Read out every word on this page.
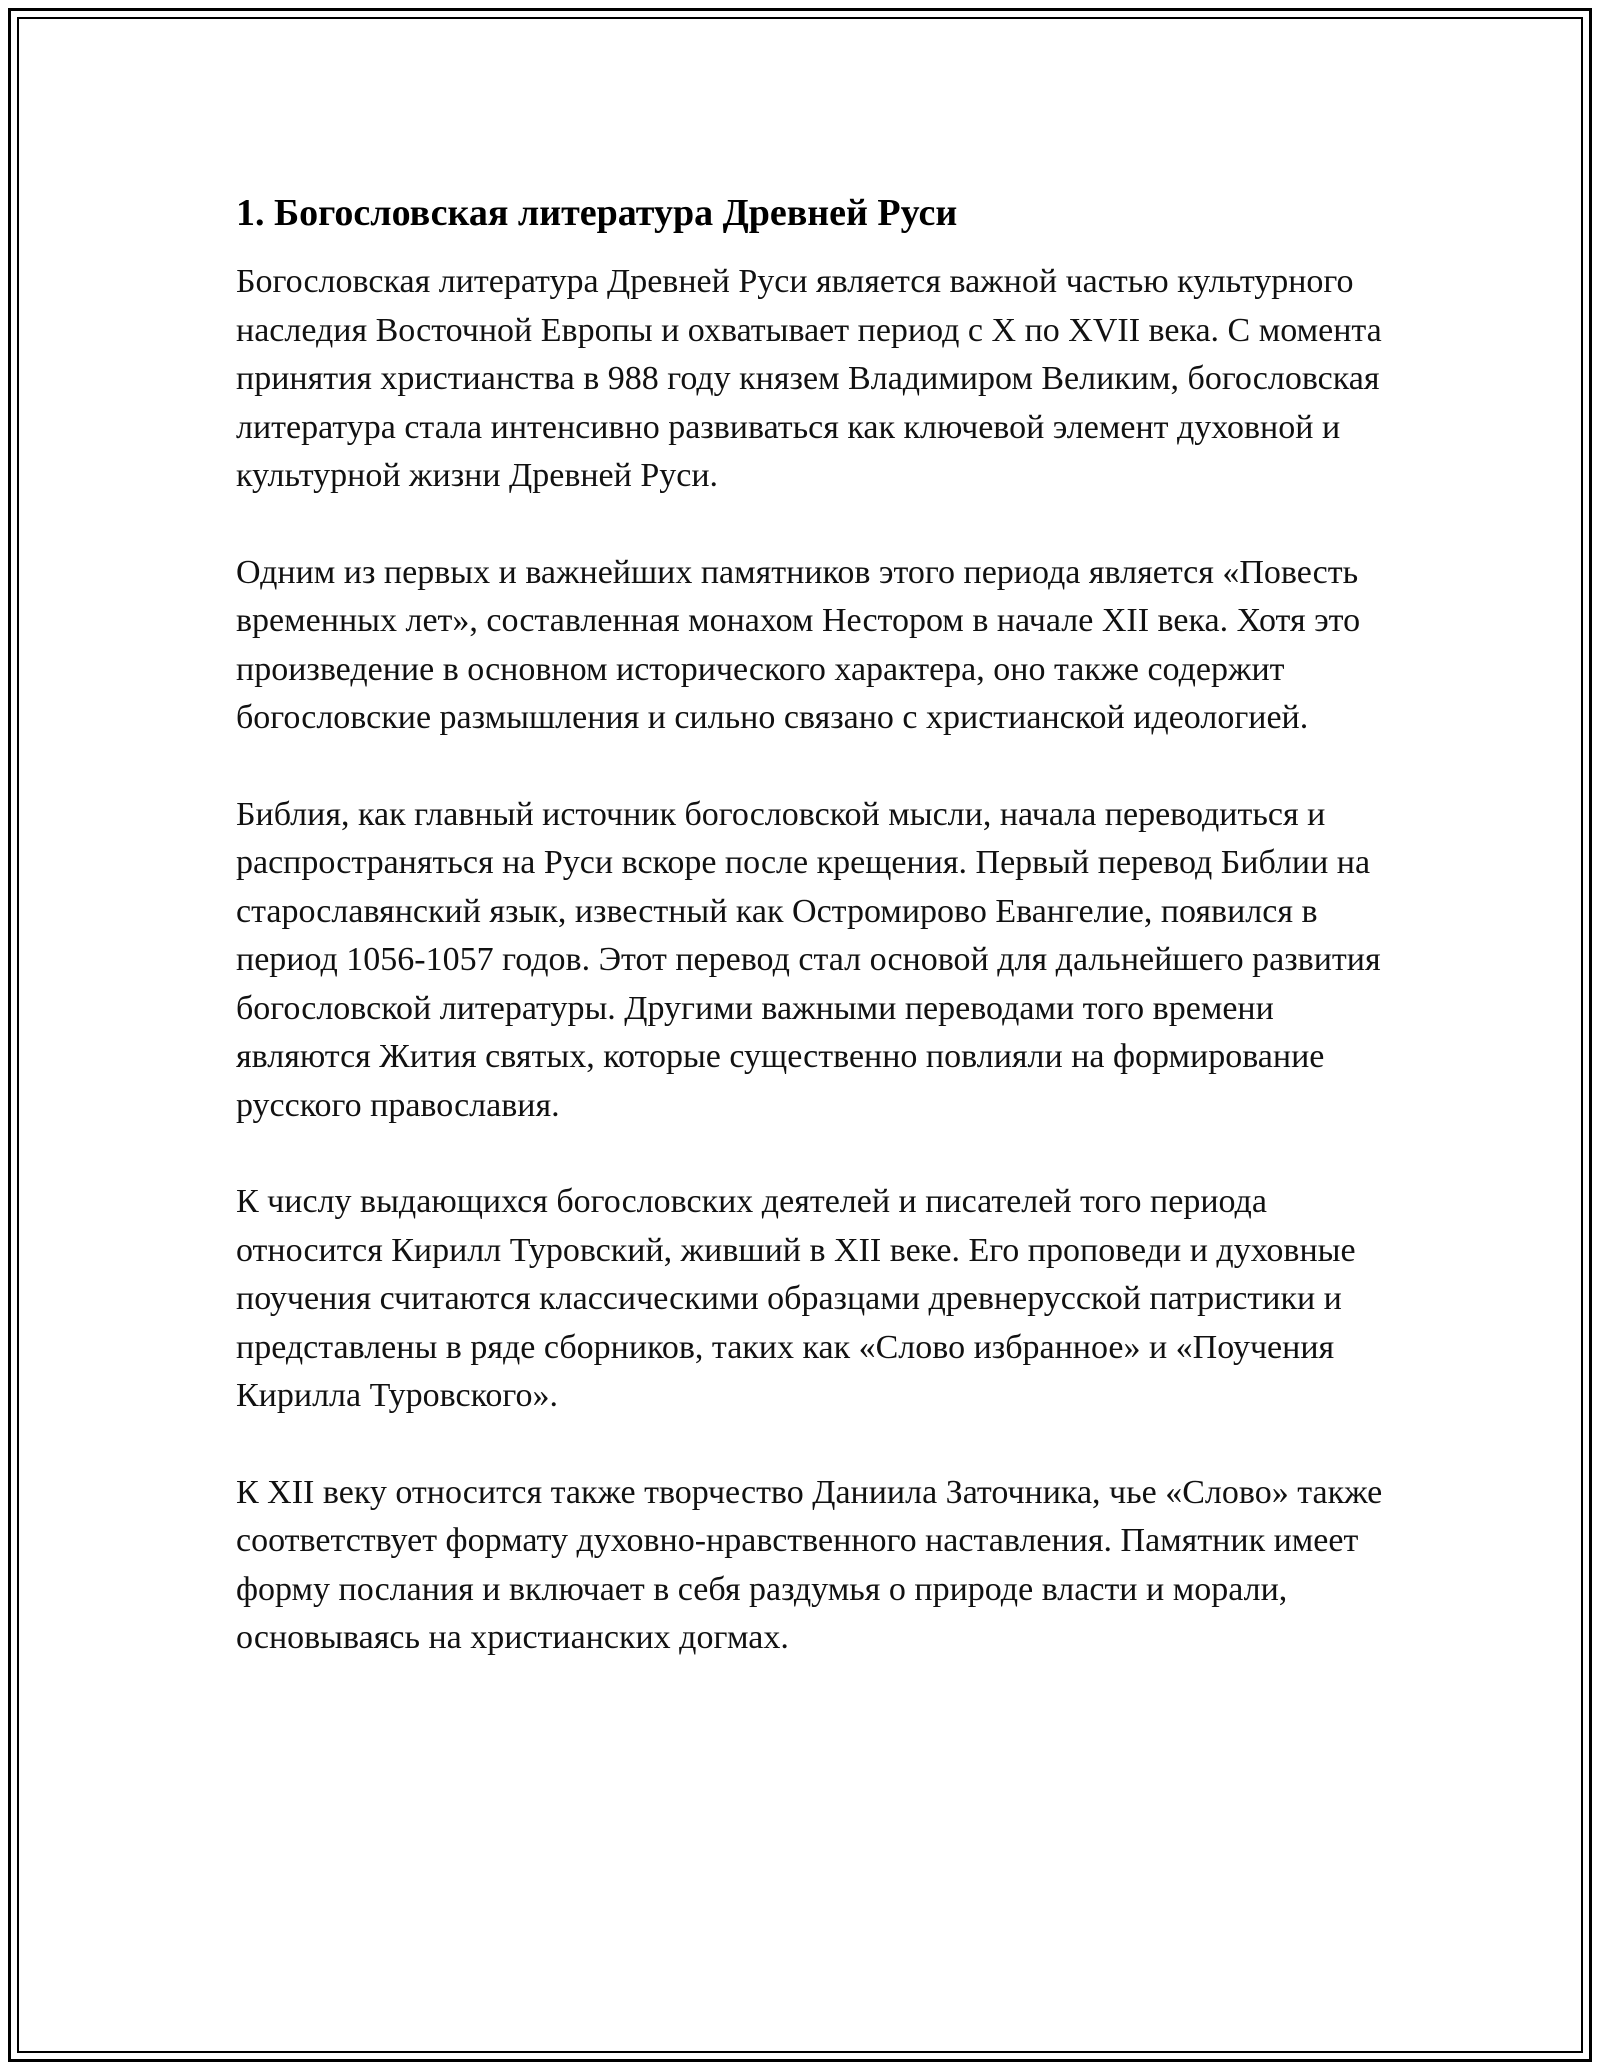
1. Богословская литература Древней Руси

Богословская литература Древней Руси является важной частью культурного наследия Восточной Европы и охватывает период с X по XVII века. С момента принятия христианства в 988 году князем Владимиром Великим, богословская литература стала интенсивно развиваться как ключевой элемент духовной и культурной жизни Древней Руси.

Одним из первых и важнейших памятников этого периода является «Повесть временных лет», составленная монахом Нестором в начале XII века. Хотя это произведение в основном исторического характера, оно также содержит богословские размышления и сильно связано с христианской идеологией.

Библия, как главный источник богословской мысли, начала переводиться и распространяться на Руси вскоре после крещения. Первый перевод Библии на старославянский язык, известный как Остромирово Евангелие, появился в период 1056-1057 годов. Этот перевод стал основой для дальнейшего развития богословской литературы. Другими важными переводами того времени являются Жития святых, которые существенно повлияли на формирование русского православия.

К числу выдающихся богословских деятелей и писателей того периода относится Кирилл Туровский, живший в XII веке. Его проповеди и духовные поучения считаются классическими образцами древнерусской патристики и представлены в ряде сборников, таких как «Слово избранное» и «Поучения Кирилла Туровского».

К XII веку относится также творчество Даниила Заточника, чье «Слово» также соответствует формату духовно-нравственного наставления. Памятник имеет форму послания и включает в себя раздумья о природе власти и морали, основываясь на христианских догмах.
